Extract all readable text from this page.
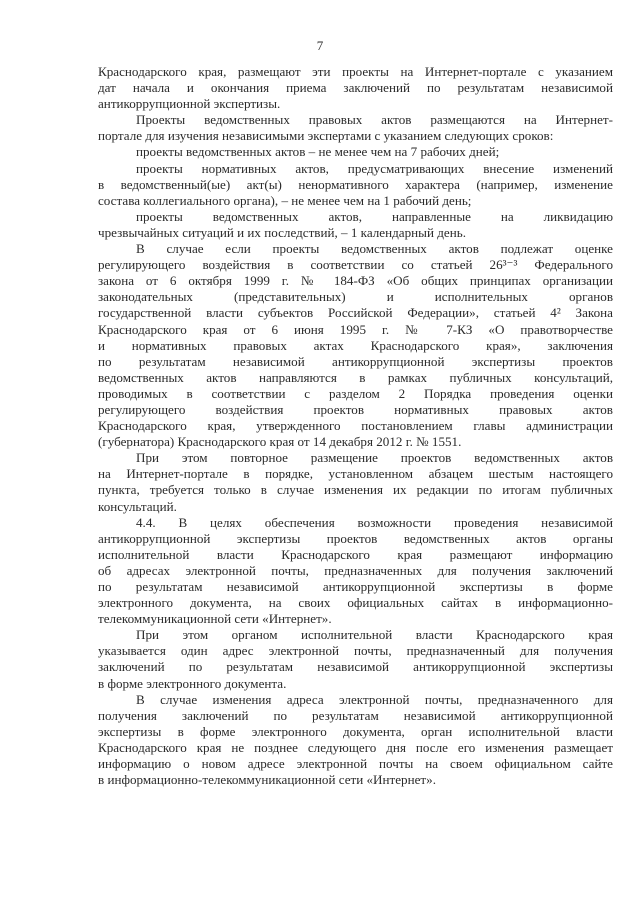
7
Краснодарского края, размещают эти проекты на Интернет-портале с указанием
дат начала и окончания приема заключений по результатам независимой
антикоррупционной экспертизы.
Проекты ведомственных правовых актов размещаются на Интернет-
портале для изучения независимыми экспертами с указанием следующих сроков:
проекты ведомственных актов – не менее чем на 7 рабочих дней;
проекты нормативных актов, предусматривающих внесение изменений
в ведомственный(ые) акт(ы) ненормативного характера (например, изменение
состава коллегиального органа), – не менее чем на 1 рабочий день;
проекты ведомственных актов, направленные на ликвидацию
чрезвычайных ситуаций и их последствий, – 1 календарный день.
В случае если проекты ведомственных актов подлежат оценке
регулирующего воздействия в соответствии со статьей 26³⁻³ Федерального
закона от 6 октября 1999 г. № 184-ФЗ «Об общих принципах организации
законодательных (представительных) и исполнительных органов
государственной власти субъектов Российской Федерации», статьей 4² Закона
Краснодарского края от 6 июня 1995 г. № 7-КЗ «О правотворчестве
и нормативных правовых актах Краснодарского края», заключения
по результатам независимой антикоррупционной экспертизы проектов
ведомственных актов направляются в рамках публичных консультаций,
проводимых в соответствии с разделом 2 Порядка проведения оценки
регулирующего воздействия проектов нормативных правовых актов
Краснодарского края, утвержденного постановлением главы администрации
(губернатора) Краснодарского края от 14 декабря 2012 г. № 1551.
При этом повторное размещение проектов ведомственных актов
на Интернет-портале в порядке, установленном абзацем шестым настоящего
пункта, требуется только в случае изменения их редакции по итогам публичных
консультаций.
4.4. В целях обеспечения возможности проведения независимой
антикоррупционной экспертизы проектов ведомственных актов органы
исполнительной власти Краснодарского края размещают информацию
об адресах электронной почты, предназначенных для получения заключений
по результатам независимой антикоррупционной экспертизы в форме
электронного документа, на своих официальных сайтах в информационно-
телекоммуникационной сети «Интернет».
При этом органом исполнительной власти Краснодарского края
указывается один адрес электронной почты, предназначенный для получения
заключений по результатам независимой антикоррупционной экспертизы
в форме электронного документа.
В случае изменения адреса электронной почты, предназначенного для
получения заключений по результатам независимой антикоррупционной
экспертизы в форме электронного документа, орган исполнительной власти
Краснодарского края не позднее следующего дня после его изменения размещает
информацию о новом адресе электронной почты на своем официальном сайте
в информационно-телекоммуникационной сети «Интернет».
